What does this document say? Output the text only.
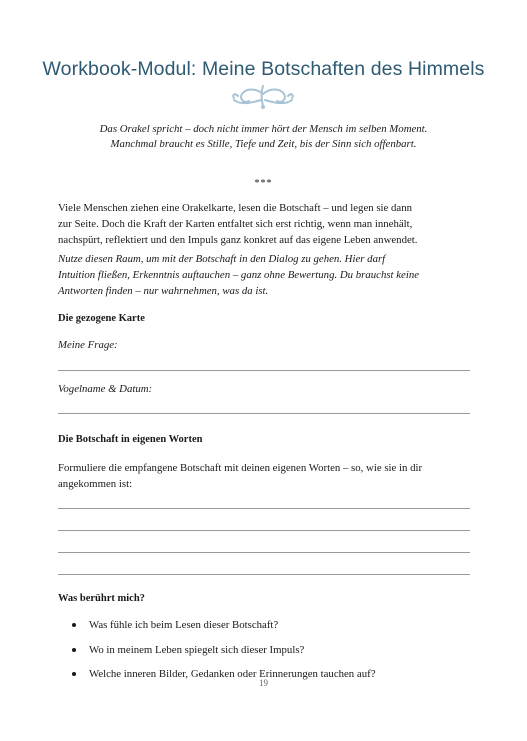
Workbook-Modul: Meine Botschaften des Himmels
Das Orakel spricht – doch nicht immer hört der Mensch im selben Moment.
Manchmal braucht es Stille, Tiefe und Zeit, bis der Sinn sich offenbart.
***
Viele Menschen ziehen eine Orakelkarte, lesen die Botschaft – und legen sie dann
zur Seite. Doch die Kraft der Karten entfaltet sich erst richtig, wenn man innehält,
nachspürt, reflektiert und den Impuls ganz konkret auf das eigene Leben anwendet.
Nutze diesen Raum, um mit der Botschaft in den Dialog zu gehen. Hier darf
Intuition fließen, Erkenntnis auftauchen – ganz ohne Bewertung. Du brauchst keine
Antworten finden – nur wahrnehmen, was da ist.
Die gezogene Karte
Meine Frage:
Vogelname & Datum:
Die Botschaft in eigenen Worten
Formuliere die empfangene Botschaft mit deinen eigenen Worten – so, wie sie in dir
angekommen ist:
Was berührt mich?
Was fühle ich beim Lesen dieser Botschaft?
Wo in meinem Leben spiegelt sich dieser Impuls?
Welche inneren Bilder, Gedanken oder Erinnerungen tauchen auf?
19
